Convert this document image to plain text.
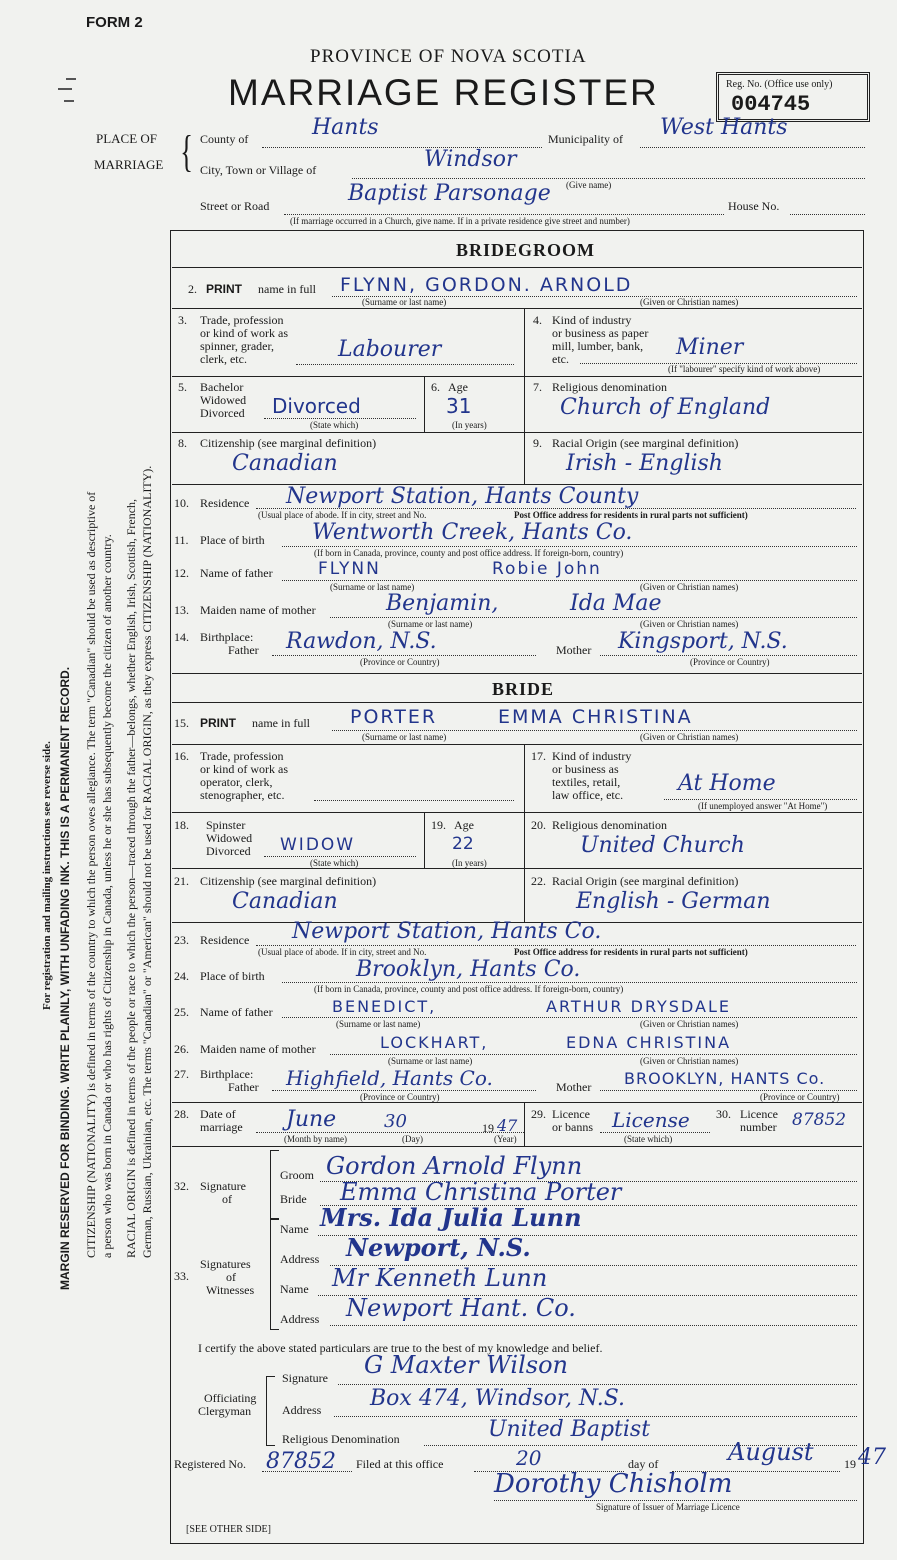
FORM 2
PROVINCE OF NOVA SCOTIA
MARRIAGE REGISTER	Reg. No. (Office use only)
004745
For registration and mailing instructions see reverse side. MARGIN RESERVED FOR BINDING. WRITE PLAINLY, WITH UNFADING INK. THIS IS A PERMANENT RECORD. CITIZENSHIP (NATIONALITY) is defined in terms of the country to which the person owes allegiance. The term "Canadian" should be used as descriptive of a person who was born in Canada or who has rights of Citizenship in Canada, unless he or she has subsequently become the citizen of another country. RACIAL ORIGIN is defined in terms of the people or race to which the person—traced through the father—belongs, whether English, Irish, Scottish, French, German, Russian, Ukrainian, etc. The terms "Canadian" or "American" should not be used for RACIAL ORIGIN, as they express CITIZENSHIP (NATIONALITY).
PLACE OF
MARRIAGE { County of	Hants	Municipality of West Hants
City, Town or Village of	Windsor
(Give name)
Street or Road	Baptist Parsonage	House No.
(If marriage occurred in a Church, give name. If in a private residence give street and number)
BRIDEGROOM
2. PRINT name in full FLYNN, GORDON. ARNOLD
(Surname or last name)	(Given or Christian names)
3. Trade, profession
or kind of work as
spinner, grader,
clerk, etc.	Labourer
4. Kind of industry
or business as paper
mill, lumber, bank,
etc.	Miner
(If "labourer" specify kind of work above)
5. Bachelor
Widowed
Divorced Divorced
(State which)
6. Age
31
(In years)
7. Religious denomination
Church of England
8. Citizenship (see marginal definition)
Canadian
9. Racial Origin (see marginal definition)
Irish - English
10. Residence Newport Station, Hants County
(Usual place of abode. If in city, street and No.	Post Office address for residents in rural parts not sufficient)
11. Place of birth Wentworth Creek, Hants Co.
(If born in Canada, province, county and post office address. If foreign-born, country)
12. Name of father	FLYNN	Robie John
(Surname or last name)	(Given or Christian names)
13. Maiden name of mother	Benjamin,	Ida Mae
(Surname or last name)	(Given or Christian names)
14. Birthplace:
Father Rawdon, N.S.
(Province or Country)
Mother Kingsport, N.S.
(Province or Country)
BRIDE
15. PRINT name in full PORTER	EMMA CHRISTINA
(Surname or last name)	(Given or Christian names)
16. Trade, profession
or kind of work as
operator, clerk,
stenographer, etc.
17. Kind of industry
or business as
textiles, retail,
law office, etc. At Home
(If unemployed answer "At Home")
18. Spinster
Widowed
Divorced WIDOW
(State which)
19. Age
22
(In years)
20. Religious denomination
United Church
21. Citizenship (see marginal definition)
Canadian
22. Racial Origin (see marginal definition)
English - German
23. Residence Newport Station, Hants Co.
(Usual place of abode. If in city, street and No.	Post Office address for residents in rural parts not sufficient)
24. Place of birth	Brooklyn, Hants Co.
(If born in Canada, province, county and post office address. If foreign-born, country)
25. Name of father	BENEDICT,	ARTHUR DRYSDALE
(Surname or last name)	(Given or Christian names)
26. Maiden name of mother	LOCKHART,	EDNA CHRISTINA
(Surname or last name)	(Given or Christian names)
27. Birthplace:
Father Highfield, Hants Co.
(Province or Country)
Mother BROOKLYN, HANTS Co.
(Province or Country)
28. Date of
marriage June	30	19 47
(Month by name)	(Day)	(Year)
29. Licence
or banns License
(State which)
30. Licence
number 87852
32. Signature
of
Groom Gordon Arnold Flynn
Bride Emma Christina Porter
33.
Signatures
of
Witnesses
Name Mrs. Ida Julia Lunn
Address Newport, N.S.
Name Mr Kenneth Lunn
Address Newport Hant. Co.
I certify the above stated particulars are true to the best of my knowledge and belief.
Signature G Maxter Wilson
Officiating
Clergyman	Address Box 474, Windsor, N.S.
Religious Denomination	United Baptist
Registered No. 87852 Filed at this office	20	day of	August	19 47
Dorothy Chisholm
Signature of Issuer of Marriage Licence
[SEE OTHER SIDE]
